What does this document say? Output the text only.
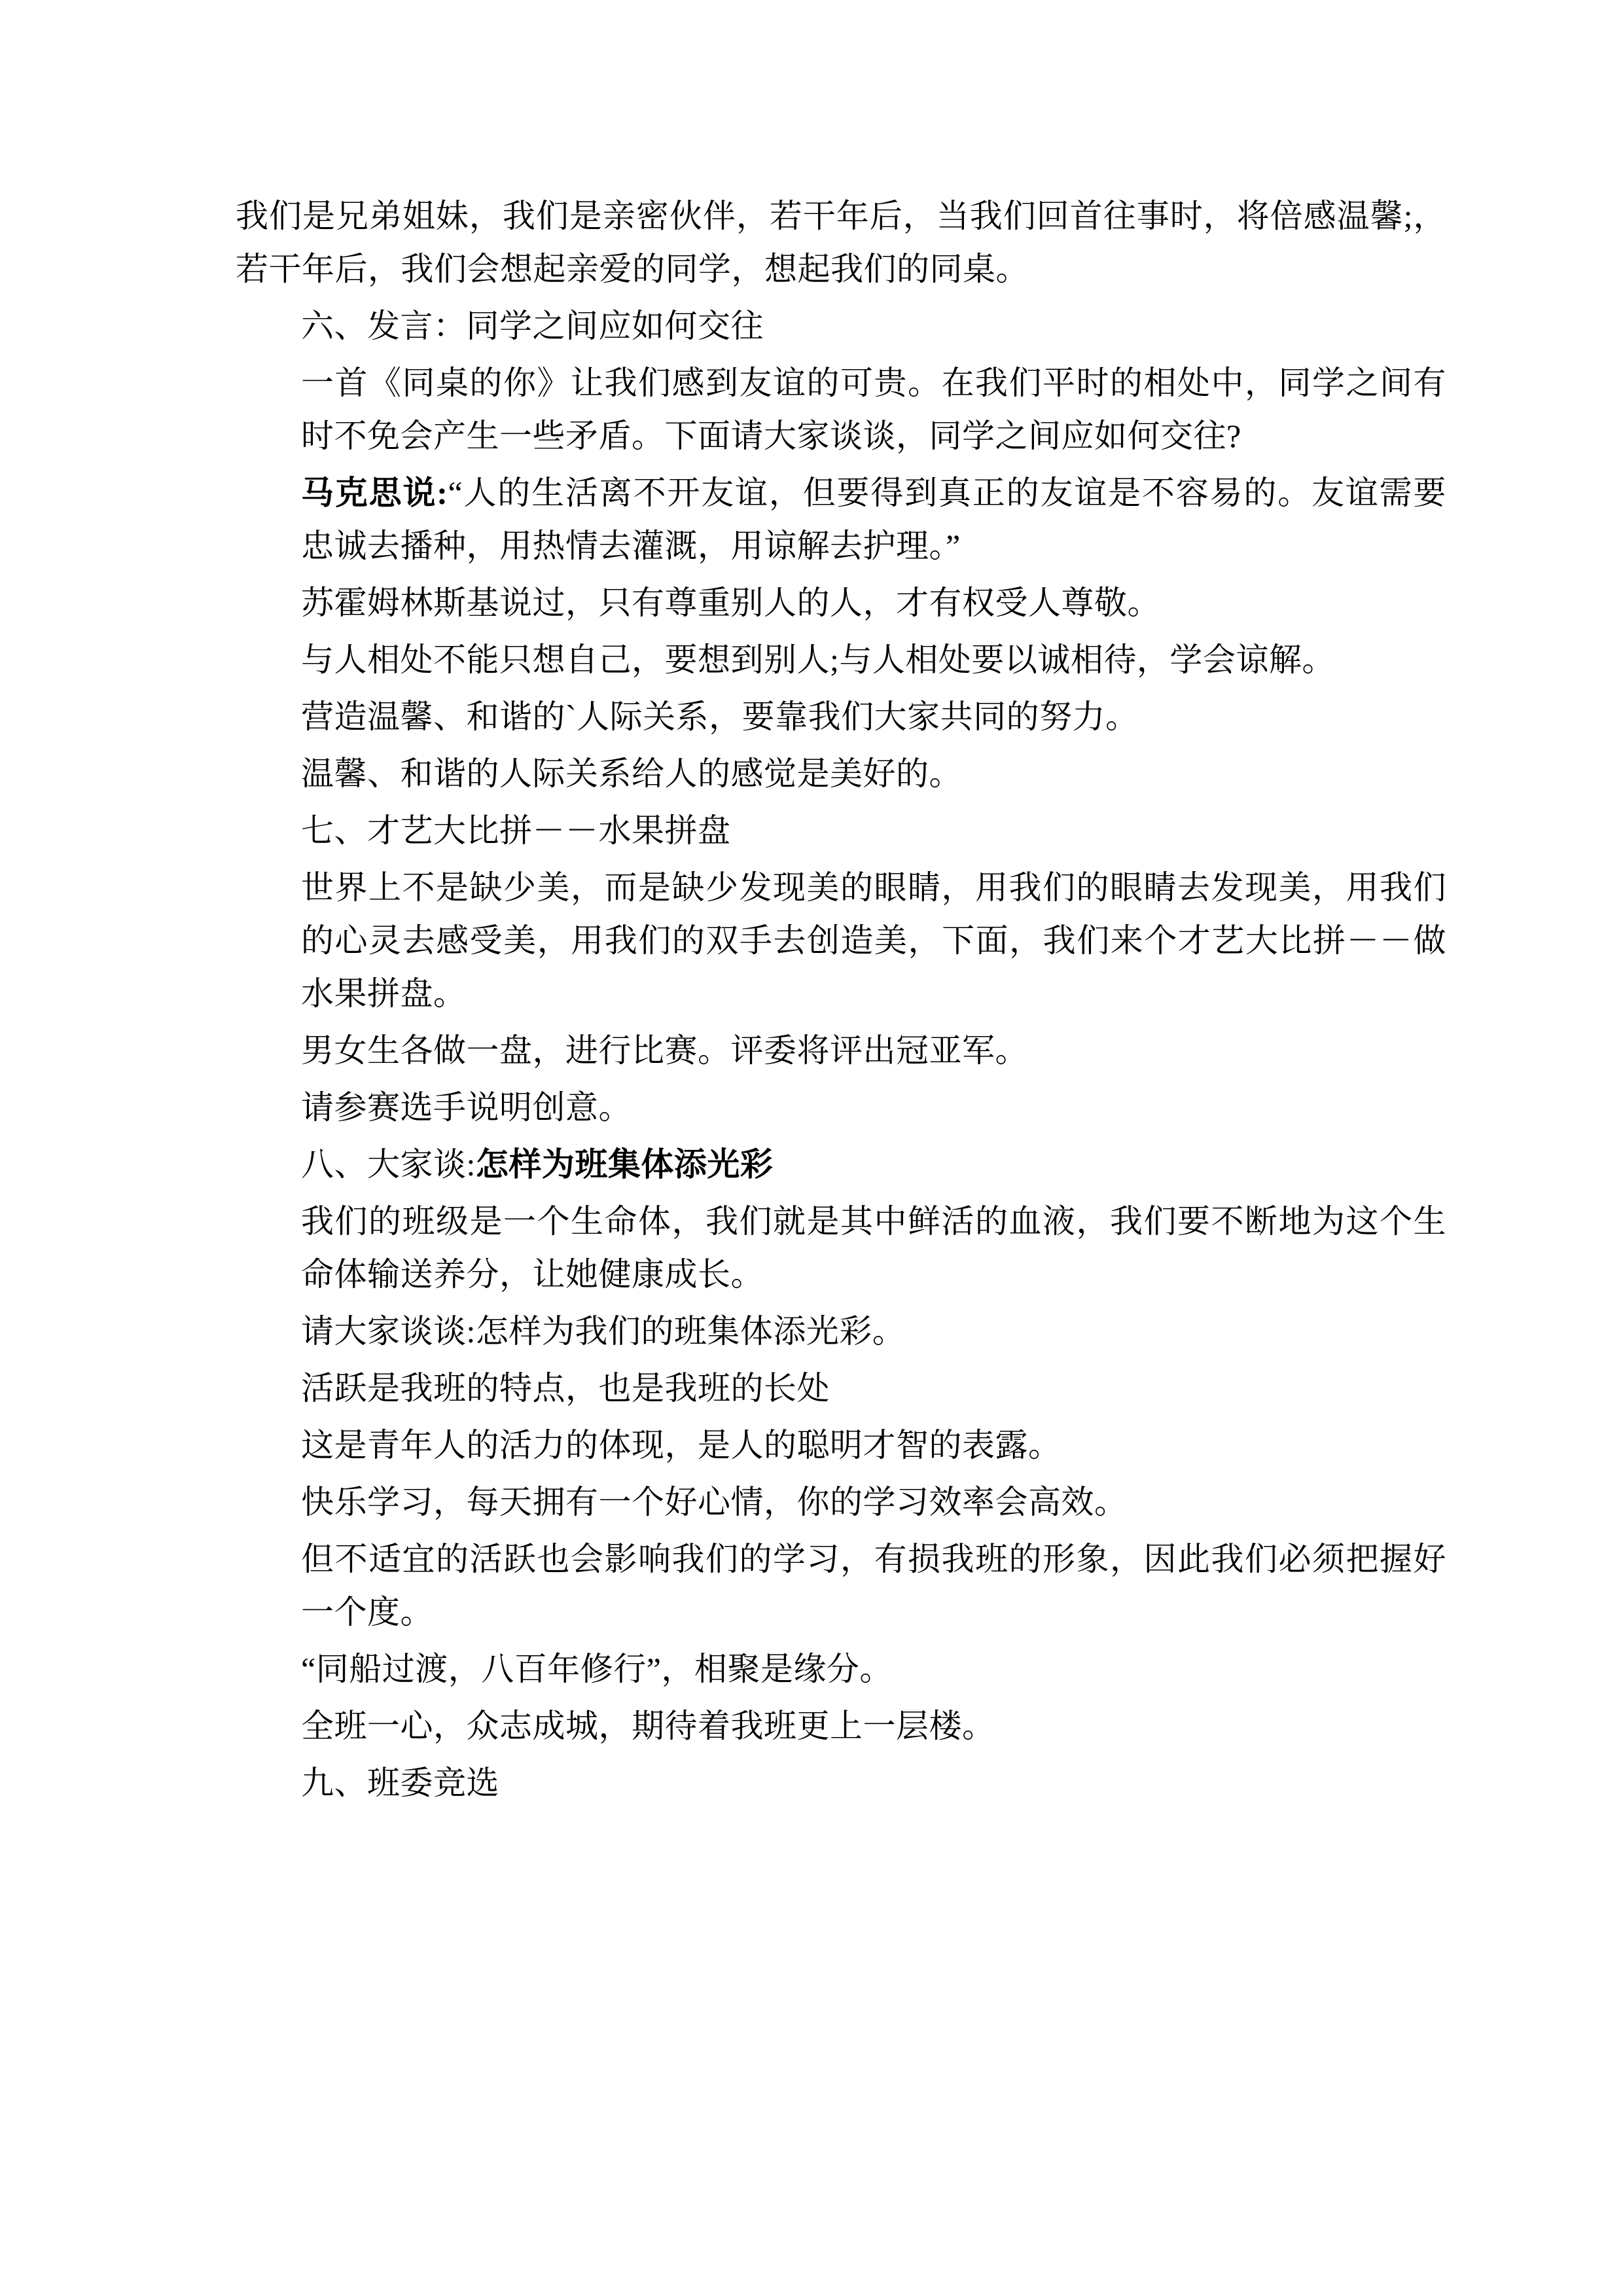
我们是兄弟姐妹，我们是亲密伙伴，若干年后，当我们回首往事时，将倍感温馨;，若干年后，我们会想起亲爱的同学，想起我们的同桌。

六、发言：同学之间应如何交往

一首《同桌的你》让我们感到友谊的可贵。在我们平时的相处中，同学之间有时不免会产生一些矛盾。下面请大家谈谈，同学之间应如何交往?

马克思说:“人的生活离不开友谊，但要得到真正的友谊是不容易的。友谊需要忠诚去播种，用热情去灌溉，用谅解去护理。”

苏霍姆林斯基说过，只有尊重别人的人，才有权受人尊敬。

与人相处不能只想自己，要想到别人;与人相处要以诚相待，学会谅解。

营造温馨、和谐的`人际关系，要靠我们大家共同的努力。

温馨、和谐的人际关系给人的感觉是美好的。

七、才艺大比拼－－水果拼盘

世界上不是缺少美，而是缺少发现美的眼睛，用我们的眼睛去发现美，用我们的心灵去感受美，用我们的双手去创造美，下面，我们来个才艺大比拼－－做水果拼盘。

男女生各做一盘，进行比赛。评委将评出冠亚军。

请参赛选手说明创意。

八、大家谈:怎样为班集体添光彩

我们的班级是一个生命体，我们就是其中鲜活的血液，我们要不断地为这个生命体输送养分，让她健康成长。

请大家谈谈:怎样为我们的班集体添光彩。

活跃是我班的特点，也是我班的长处

这是青年人的活力的体现，是人的聪明才智的表露。

快乐学习，每天拥有一个好心情，你的学习效率会高效。

但不适宜的活跃也会影响我们的学习，有损我班的形象，因此我们必须把握好一个度。

“同船过渡，八百年修行”，相聚是缘分。

全班一心，众志成城，期待着我班更上一层楼。

九、班委竞选
